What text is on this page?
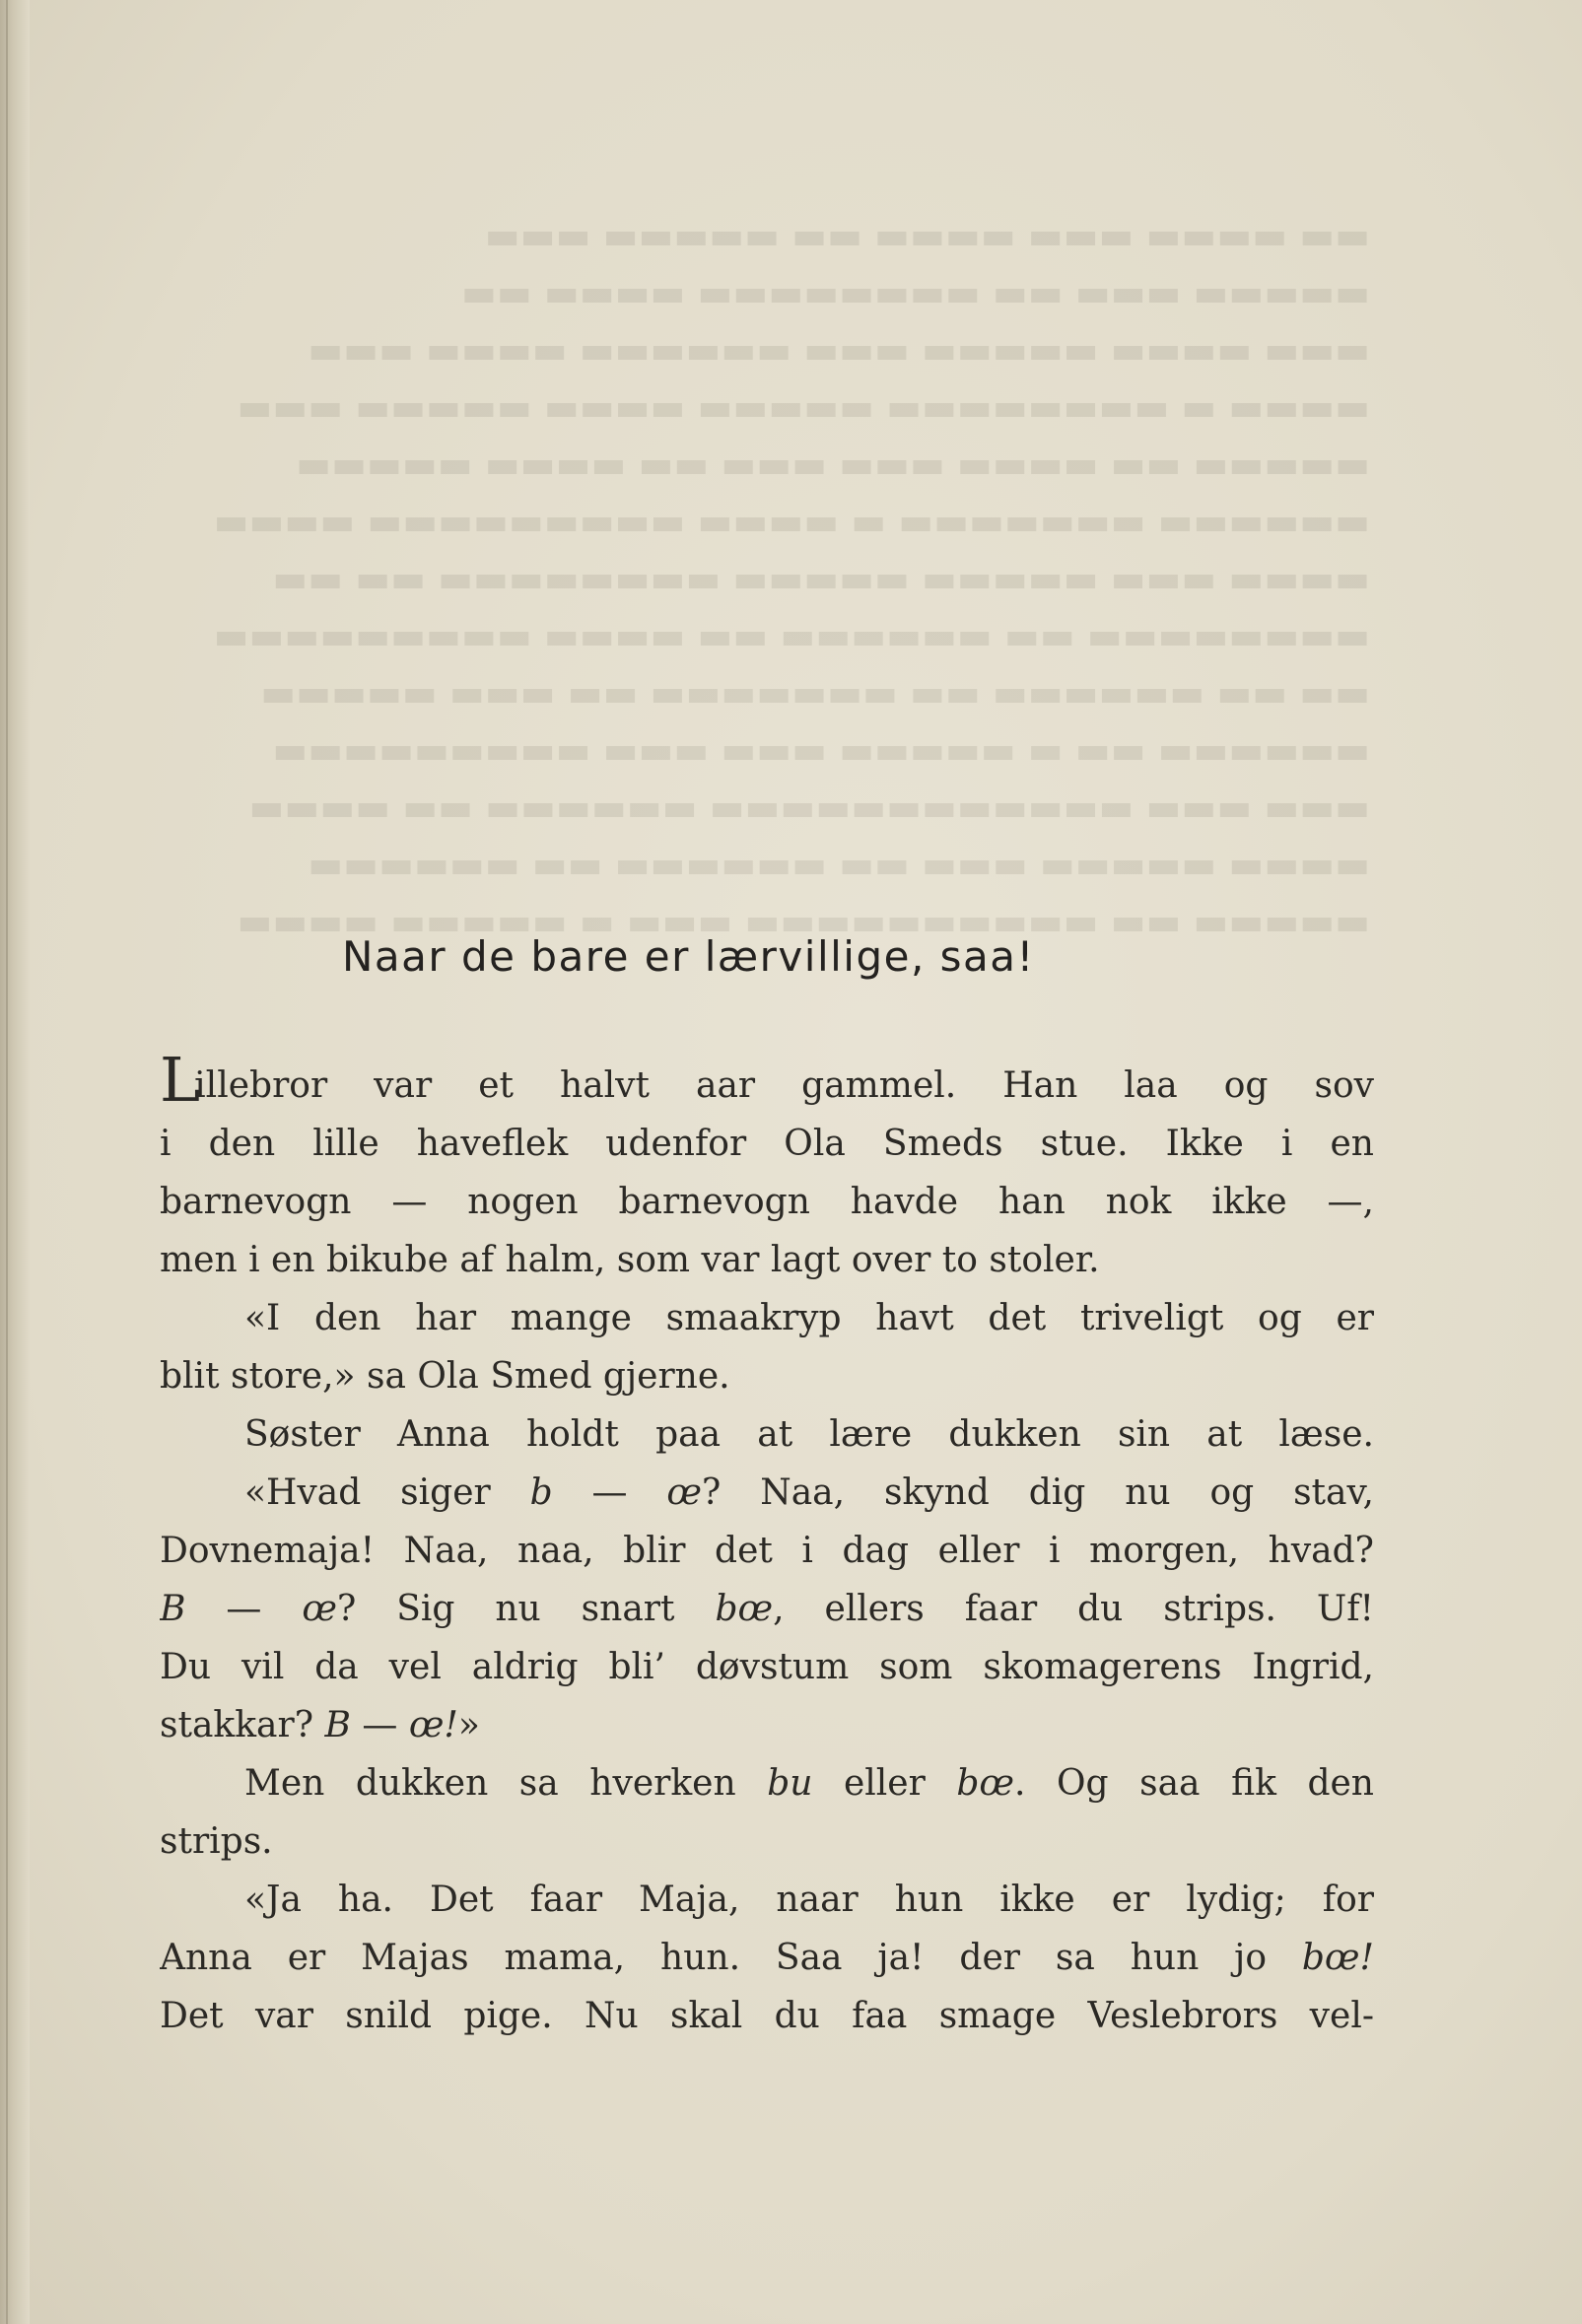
▬▬ ▬▬▬▬ ▬▬▬ ▬▬▬▬ ▬▬ ▬▬▬▬▬ ▬▬▬
▬▬▬▬▬ ▬▬▬ ▬▬ ▬▬▬▬▬▬▬▬ ▬▬▬▬ ▬▬
▬▬▬ ▬▬▬▬ ▬▬▬▬▬ ▬▬▬ ▬▬▬▬▬▬ ▬▬▬▬ ▬▬▬
▬▬▬▬ ▬ ▬▬▬▬▬▬▬▬ ▬▬▬▬▬ ▬▬▬▬ ▬▬▬▬▬ ▬▬▬
▬▬▬▬▬ ▬▬ ▬▬▬▬ ▬▬▬ ▬▬▬ ▬▬ ▬▬▬▬ ▬▬▬▬▬
▬▬▬▬▬▬ ▬▬▬▬▬▬▬ ▬ ▬▬▬▬ ▬▬▬▬▬▬▬▬▬ ▬▬▬▬
▬▬▬▬ ▬▬▬ ▬▬▬▬▬ ▬▬▬▬▬ ▬▬▬▬▬▬▬▬ ▬▬ ▬▬
▬▬▬▬▬▬▬▬ ▬▬ ▬▬▬▬▬▬ ▬▬ ▬▬▬▬ ▬▬▬▬▬▬▬▬▬
▬▬ ▬▬ ▬▬▬▬▬▬ ▬▬ ▬▬▬▬▬▬▬ ▬▬ ▬▬▬ ▬▬▬▬▬
▬▬▬▬▬▬ ▬▬ ▬ ▬▬▬▬▬ ▬▬▬ ▬▬▬ ▬▬▬▬▬▬▬▬▬
▬▬▬ ▬▬▬ ▬▬▬▬▬▬▬▬▬▬▬▬ ▬▬▬▬▬▬ ▬▬ ▬▬▬▬
▬▬▬▬ ▬▬▬▬▬ ▬▬▬ ▬▬ ▬▬▬▬▬▬ ▬▬ ▬▬▬▬▬▬
▬▬▬▬▬ ▬▬ ▬▬▬▬▬▬▬▬▬▬ ▬▬▬ ▬ ▬▬▬▬▬ ▬▬▬▬
Naar de bare er lærvillige, saa!
Lillebror var et halvt aar gammel. Han laa og sov
i den lille haveflek udenfor Ola Smeds stue. Ikke i en
barnevogn — nogen barnevogn havde han nok ikke —,
men i en bikube af halm, som var lagt over to stoler.
«I den har mange smaakryp havt det triveligt og er
blit store,» sa Ola Smed gjerne.
Søster Anna holdt paa at lære dukken sin at læse.
«Hvad siger b — œ? Naa, skynd dig nu og stav,
Dovnemaja! Naa, naa, blir det i dag eller i morgen, hvad?
B — œ? Sig nu snart bœ, ellers faar du strips. Uf!
Du vil da vel aldrig bli’ døvstum som skomagerens Ingrid,
stakkar? B — œ!»
Men dukken sa hverken bu eller bœ. Og saa fik den
strips.
«Ja ha. Det faar Maja, naar hun ikke er lydig; for
Anna er Majas mama, hun. Saa ja! der sa hun jo bœ!
Det var snild pige. Nu skal du faa smage Veslebrors vel-
